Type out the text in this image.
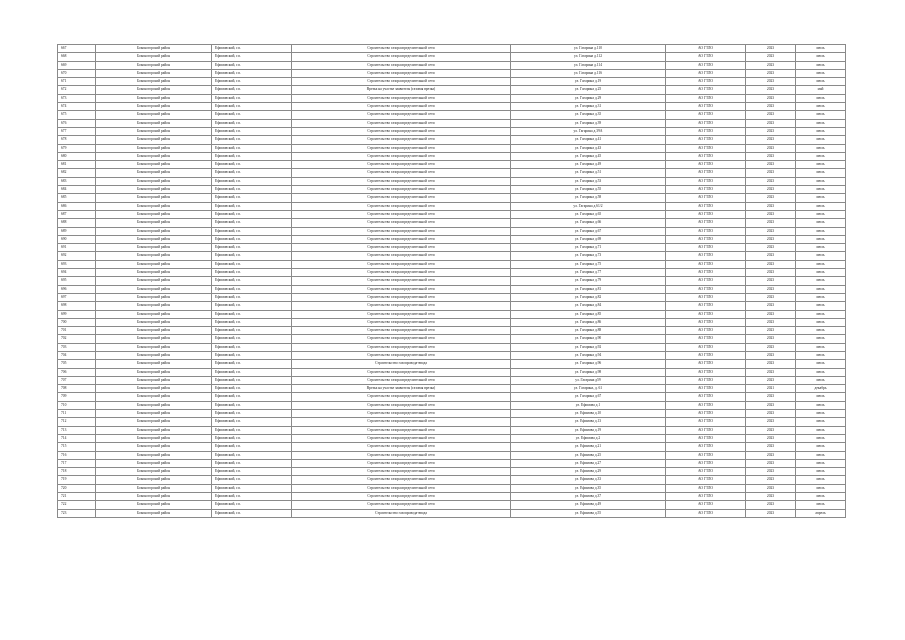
667	Боконогорский район	Ефимовский, г.п.	Строительство газораспределительной сети	ул. Гагарина д.110	АО ГТЛО	2023	июль
668	Боконогорский район	Ефимовский, г.п.	Строительство газораспределительной сети	ул. Гагарина д.112	АО ГТЛО	2023	июль
669	Боконогорский район	Ефимовский, г.п.	Строительство газораспределительной сети	ул. Гагарина д.114	АО ГТЛО	2023	июль
670	Боконогорский район	Ефимовский, г.п.	Строительство газораспределительной сети	ул. Гагарина д.116	АО ГТЛО	2023	июль
671	Боконогорский район	Ефимовский, г.п.	Строительство газораспределительной сети	ул. Гагарина д.19	АО ГТЛО	2023	июль
672	Боконогорский район	Ефимовский, г.п.	Врезка на участке заявителя (газовая врезка)	ул. Гагарина д.25	АО ГТЛО	2023	май
673	Боконогорский район	Ефимовский, г.п.	Строительство газораспределительной сети	ул. Гагарина д.29	АО ГТЛО	2023	июль
674	Боконогорский район	Ефимовский, г.п.	Строительство газораспределительной сети	ул. Гагарина д.31	АО ГТЛО	2023	июль
675	Боконогорский район	Ефимовский, г.п.	Строительство газораспределительной сети	ул. Гагарина д.35	АО ГТЛО	2023	июль
676	Боконогорский район	Ефимовский, г.п.	Строительство газораспределительной сети	ул. Гагарина д.39	АО ГТЛО	2023	июль
677	Боконогорский район	Ефимовский, г.п.	Строительство газораспределительной сети	ул. Гагарина д.39А	АО ГТЛО	2023	июль
678	Боконогорский район	Ефимовский, г.п.	Строительство газораспределительной сети	ул. Гагарина д.41	АО ГТЛО	2023	июль
679	Боконогорский район	Ефимовский, г.п.	Строительство газораспределительной сети	ул. Гагарина д.43	АО ГТЛО	2023	июль
680	Боконогорский район	Ефимовский, г.п.	Строительство газораспределительной сети	ул. Гагарина д.45	АО ГТЛО	2023	июль
681	Боконогорский район	Ефимовский, г.п.	Строительство газораспределительной сети	ул. Гагарина д.49	АО ГТЛО	2023	июль
682	Боконогорский район	Ефимовский, г.п.	Строительство газораспределительной сети	ул. Гагарина д.51	АО ГТЛО	2023	июль
683	Боконогорский район	Ефимовский, г.п.	Строительство газораспределительной сети	ул. Гагарина д.53	АО ГТЛО	2023	июль
684	Боконогорский район	Ефимовский, г.п.	Строительство газораспределительной сети	ул. Гагарина д.55	АО ГТЛО	2023	июль
685	Боконогорский район	Ефимовский, г.п.	Строительство газораспределительной сети	ул. Гагарина д.58	АО ГТЛО	2023	июль
686	Боконогорский район	Ефимовский, г.п.	Строительство газораспределительной сети	ул. Гагарина д.61/2	АО ГТЛО	2023	июль
687	Боконогорский район	Ефимовский, г.п.	Строительство газораспределительной сети	ул. Гагарина д.65	АО ГТЛО	2023	июль
688	Боконогорский район	Ефимовский, г.п.	Строительство газораспределительной сети	ул. Гагарина д.66	АО ГТЛО	2023	июль
689	Боконогорский район	Ефимовский, г.п.	Строительство газораспределительной сети	ул. Гагарина д.67	АО ГТЛО	2023	июль
690	Боконогорский район	Ефимовский, г.п.	Строительство газораспределительной сети	ул. Гагарина д.69	АО ГТЛО	2023	июль
691	Боконогорский район	Ефимовский, г.п.	Строительство газораспределительной сети	ул. Гагарина д.71	АО ГТЛО	2023	июль
692	Боконогорский район	Ефимовский, г.п.	Строительство газораспределительной сети	ул. Гагарина д.73	АО ГТЛО	2023	июль
693	Боконогорский район	Ефимовский, г.п.	Строительство газораспределительной сети	ул. Гагарина д.75	АО ГТЛО	2023	июль
694	Боконогорский район	Ефимовский, г.п.	Строительство газораспределительной сети	ул. Гагарина д.77	АО ГТЛО	2023	июль
695	Боконогорский район	Ефимовский, г.п.	Строительство газораспределительной сети	ул. Гагарина д.79	АО ГТЛО	2023	июль
696	Боконогорский район	Ефимовский, г.п.	Строительство газораспределительной сети	ул. Гагарина д.81	АО ГТЛО	2023	июль
697	Боконогорский район	Ефимовский, г.п.	Строительство газораспределительной сети	ул. Гагарина д.82	АО ГТЛО	2023	июль
698	Боконогорский район	Ефимовский, г.п.	Строительство газораспределительной сети	ул. Гагарина д.84	АО ГТЛО	2023	июль
699	Боконогорский район	Ефимовский, г.п.	Строительство газораспределительной сети	ул. Гагарина д.85	АО ГТЛО	2023	июль
700	Боконогорский район	Ефимовский, г.п.	Строительство газораспределительной сети	ул. Гагарина д.86	АО ГТЛО	2023	июль
701	Боконогорский район	Ефимовский, г.п.	Строительство газораспределительной сети	ул. Гагарина д.88	АО ГТЛО	2023	июль
702	Боконогорский район	Ефимовский, г.п.	Строительство газораспределительной сети	ул. Гагарина д.90	АО ГТЛО	2023	июль
703	Боконогорский район	Ефимовский, г.п.	Строительство газораспределительной сети	ул. Гагарина д.92	АО ГТЛО	2023	июль
704	Боконогорский район	Ефимовский, г.п.	Строительство газораспределительной сети	ул. Гагарина д.94	АО ГТЛО	2023	июль
705	Боконогорский район	Ефимовский, г.п.	Строительство газопровода-ввода	ул. Гагарина д.96	АО ГТЛО	2023	июль
706	Боконогорский район	Ефимовский, г.п.	Строительство газораспределительной сети	ул. Гагарина д.98	АО ГТЛО	2023	июль
707	Боконогорский район	Ефимовский, г.п.	Строительство газораспределительной сети	ул. Гагарина д59	АО ГТЛО	2023	июль
708	Боконогорский район	Ефимовский, г.п.	Врезка на участке заявителя (газовая врезка)	ул. Гагарина, д. 61	АО ГТЛО	2021	декабрь
709	Боконогорский район	Ефимовский, г.п.	Строительство газораспределительной сети	ул. Гагарина д.67	АО ГТЛО	2023	июль
710	Боконогорский район	Ефимовский, г.п.	Строительство газораспределительной сети	ул. Ефимова д.1	АО ГТЛО	2023	июль
711	Боконогорский район	Ефимовский, г.п.	Строительство газораспределительной сети	ул. Ефимова д.10	АО ГТЛО	2023	июль
712	Боконогорский район	Ефимовский, г.п.	Строительство газораспределительной сети	ул. Ефимова д.13	АО ГТЛО	2023	июль
713	Боконогорский район	Ефимовский, г.п.	Строительство газораспределительной сети	ул. Ефимова д.19	АО ГТЛО	2023	июль
714	Боконогорский район	Ефимовский, г.п.	Строительство газораспределительной сети	ул. Ефимова д.2	АО ГТЛО	2023	июль
715	Боконогорский район	Ефимовский, г.п.	Строительство газораспределительной сети	ул. Ефимова д.21	АО ГТЛО	2023	июль
716	Боконогорский район	Ефимовский, г.п.	Строительство газораспределительной сети	ул. Ефимова д.25	АО ГТЛО	2023	июль
717	Боконогорский район	Ефимовский, г.п.	Строительство газораспределительной сети	ул. Ефимова д.27	АО ГТЛО	2023	июль
718	Боконогорский район	Ефимовский, г.п.	Строительство газораспределительной сети	ул. Ефимова д.29	АО ГТЛО	2023	июль
719	Боконогорский район	Ефимовский, г.п.	Строительство газораспределительной сети	ул. Ефимова д.33	АО ГТЛО	2023	июль
720	Боконогорский район	Ефимовский, г.п.	Строительство газораспределительной сети	ул. Ефимова д.35	АО ГТЛО	2023	июль
721	Боконогорский район	Ефимовский, г.п.	Строительство газораспределительной сети	ул. Ефимова д.37	АО ГТЛО	2023	июль
722	Боконогорский район	Ефимовский, г.п.	Строительство газораспределительной сети	ул. Ефимова д.49	АО ГТЛО	2023	июль
723	Боконогорский район	Ефимовский, г.п.	Строительство газопровода-ввода	ул. Ефимова д.55	АО ГТЛО	2023	апрель
